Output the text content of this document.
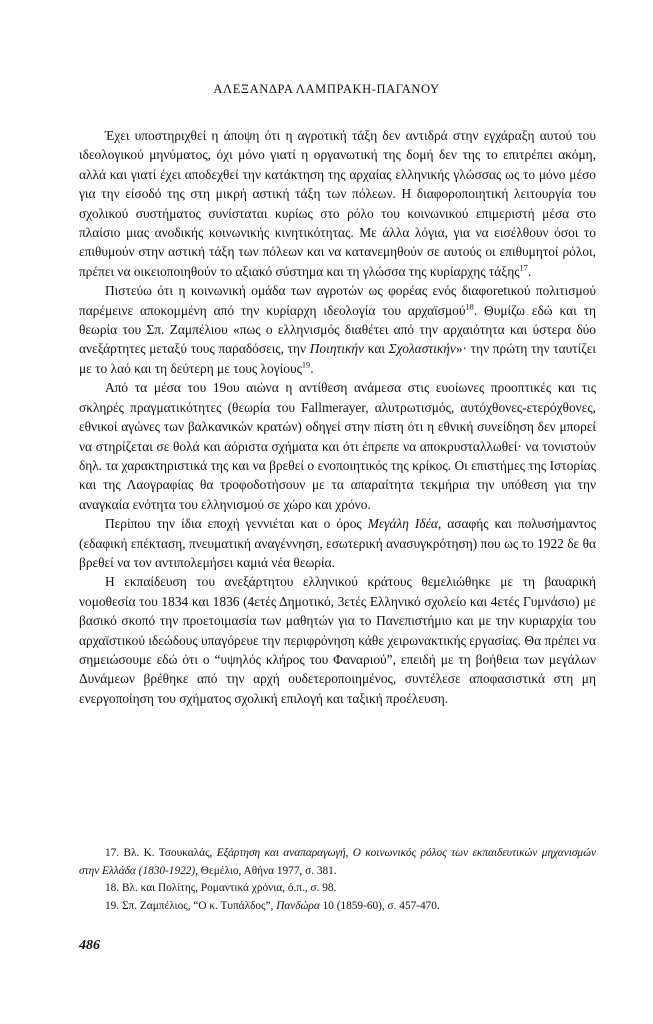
ΑΛΕΞΑΝΔΡΑ ΛΑΜΠΡΑΚΗ-ΠΑΓΑΝΟΥ

Έχει υποστηριχθεί η άποψη ότι η αγροτική τάξη δεν αντιδρά στην εγχάραξη αυτού του ιδεολογικού μηνύματος, όχι μόνο γιατί η οργανωτική της δομή δεν της το επιτρέπει ακόμη, αλλά και γιατί έχει αποδεχθεί την κατάκτηση της αρχαίας ελληνικής γλώσσας ως το μόνο μέσο για την είσοδό της στη μικρή αστική τάξη των πόλεων. Η διαφοροποιητική λειτουργία του σχολικού συστήματος συνίσταται κυρίως στο ρόλο του κοινωνικού επιμεριστή μέσα στο πλαίσιο μιας ανοδικής κοινωνικής κινητικότητας. Με άλλα λόγια, για να εισέλθουν όσοι το επιθυμούν στην αστική τάξη των πόλεων και να κατανεμηθούν σε αυτούς οι επιθυμητοί ρόλοι, πρέπει να οικειοποιηθούν το αξιακό σύστημα και τη γλώσσα της κυρίαρχης τάξης$^{17}$.

Πιστεύω ότι η κοινωνική ομάδα των αγροτών ως φορέας ενός διαφοretικού πολιτισμού παρέμεινε αποκομμένη από την κυρίαρχη ιδεολογία του αρχαϊσμού$^{18}$. Θυμίζω εδώ και τη θεωρία του Σπ. Ζαμπέλιου «πως ο ελληνισμός διαθέτει από την αρχαιότητα και ύστερα δύο ανεξάρτητες μεταξύ τους παραδόσεις, την Ποιητικήν και Σχολαστικήν»· την πρώτη την ταυτίζει με το λαό και τη δεύτερη με τους λογίους$^{19}$.

Από τα μέσα του 19ου αιώνα η αντίθεση ανάμεσα στις ευοίωνες προοπτικές και τις σκληρές πραγματικότητες (θεωρία του Fallmerayer, αλυτρωτισμός, αυτόχθονες-ετερόχθονες, εθνικοί αγώνες των βαλκανικών κρατών) οδηγεί στην πίστη ότι η εθνική συνείδηση δεν μπορεί να στηρίζεται σε θολά και αόριστα σχήματα και ότι έπρεπε να αποκρυσταλλωθεί· να τονιστούν δηλ. τα χαρακτηριστικά της και να βρεθεί ο ενοποιητικός της κρίκος. Οι επιστήμες της Ιστορίας και της Λαογραφίας θα τροφοδοτήσουν με τα απαραίτητα τεκμήρια την υπόθεση για την αναγκαία ενότητα του ελληνισμού σε χώρο και χρόνο.

Περίπου την ίδια εποχή γεννιέται και ο όρος Μεγάλη Ιδέα, ασαφής και πολυσήμαντος (εδαφική επέκταση, πνευματική αναγέννηση, εσωτερική ανασυγκρότηση) που ως το 1922 δε θα βρεθεί να τον αντιπολεμήσει καμιά νέα θεωρία.

Η εκπαίδευση του ανεξάρτητου ελληνικού κράτους θεμελιώθηκε με τη βαυαρική νομοθεσία του 1834 και 1836 (4ετές Δημοτικό, 3ετές Ελληνικό σχολείο και 4ετές Γυμνάσιο) με βασικό σκοπό την προετοιμασία των μαθητών για το Πανεπιστήμιο και με την κυριαρχία του αρχαϊστικού ιδεώδους υπαγόρευε την περιφρόνηση κάθε χειρωνακτικής εργασίας. Θα πρέπει να σημειώσουμε εδώ ότι ο “υψηλός κλήρος του Φαναριού”, επειδή με τη βοήθεια των μεγάλων Δυνάμεων βρέθηκε από την αρχή ουδετεροποιημένος, συντέλεσε αποφασιστικά στη μη ενεργοποίηση του σχήματος σχολική επιλογή και ταξική προέλευση.

17. Βλ. Κ. Τσουκαλάς, Εξάρτηση και αναπαραγωγή, Ο κοινωνικός ρόλος των εκπαιδευτικών μηχανισμών στην Ελλάδα (1830-1922), Θεμέλιο, Αθήνα 1977, σ. 381.

18. Βλ. και Πολίτης, Ρομαντικά χρόνια, ό.π., σ. 98.

19. Σπ. Ζαμπέλιος, “Ο κ. Τυπάλδος”, Πανδώρα 10 (1859-60), σ. 457-470.

486
